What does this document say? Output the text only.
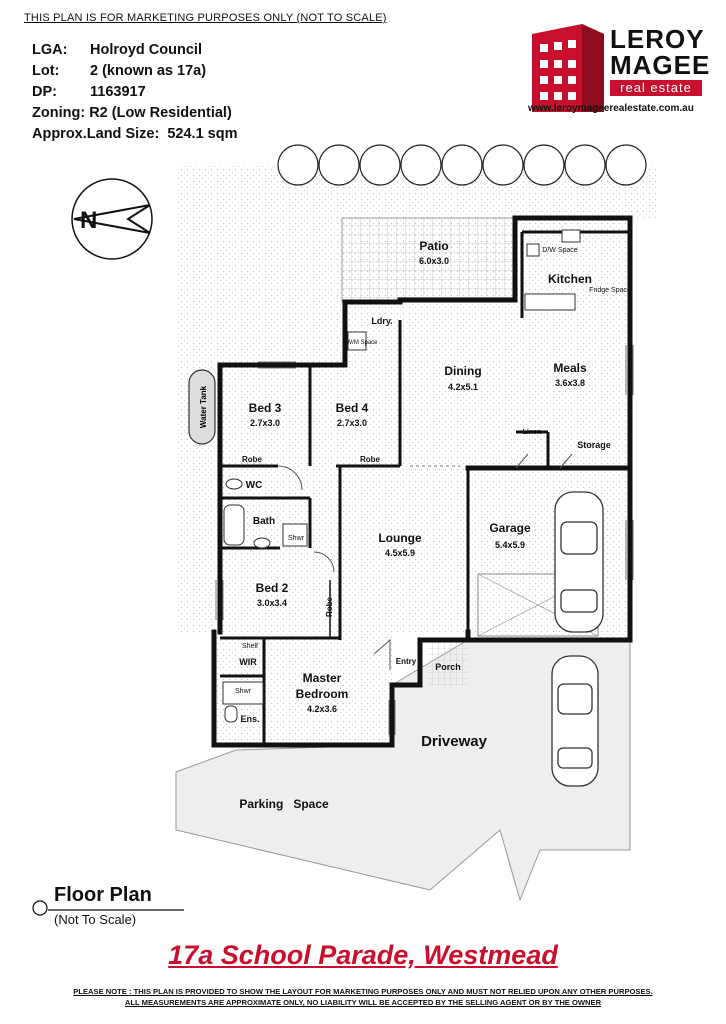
THIS PLAN IS FOR MARKETING PURPOSES ONLY (NOT TO SCALE)
LGA: Holroyd Council
Lot: 2 (known as 17a)
DP: 1163917
Zoning: R2 (Low Residential)
Approx.Land Size: 524.1 sqm
LEROY
MAGEE
real estate
www.leroymageerealestate.com.au
N
Water Tank
Patio
6.0x3.0
Kitchen
D/W Space
Fridge Space
Ldry.
W/M Space
Dining
4.2x5.1
Meals
3.6x3.8
Bed 3
2.7x3.0
Bed 4
2.7x3.0
Linen
Storage
Robe	Robe
WC
Bath
Shwr	Lounge
4.5x5.9
Garage
5.4x5.9
Bed 2
3.0x3.4	Robe
Shelf
WIR
Master
Bedroom
4.2x3.6
Shwr
Ens.
Entry
Porch
Driveway
Parking   Space
Floor Plan
(Not To Scale)
17a School Parade, Westmead
PLEASE NOTE : THIS PLAN IS PROVIDED TO SHOW THE LAYOUT FOR MARKETING PURPOSES ONLY AND MUST NOT RELIED UPON ANY OTHER PURPOSES.
ALL MEASUREMENTS ARE APPROXIMATE ONLY, NO LIABILITY WILL BE ACCEPTED BY THE SELLING AGENT OR BY THE OWNER
